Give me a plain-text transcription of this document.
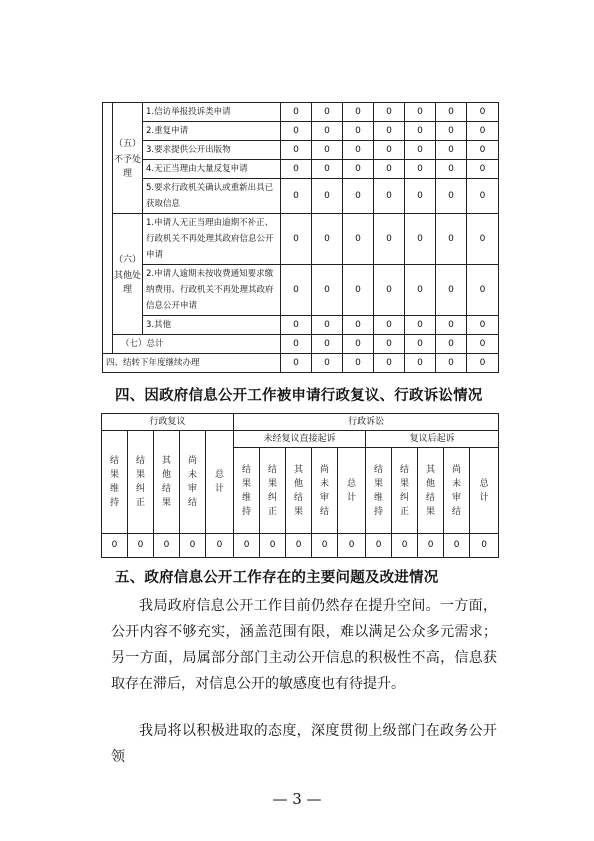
	（五）
不予处理	1.信访举报投诉类申请	0	0	0	0	0	0	0
		2.重复申请	0	0	0	0	0	0	0
		3.要求提供公开出版物	0	0	0	0	0	0	0
		4.无正当理由大量反复申请	0	0	0	0	0	0	0
		5.要求行政机关确认或重新出具已获取信息	0	0	0	0	0	0	0

	（六）
其他处理	1.申请人无正当理由逾期不补正、行政机关不再处理其政府信息公开申请	0	0	0	0	0	0	0
		2.申请人逾期未按收费通知要求缴纳费用、行政机关不再处理其政府信息公开申请	0	0	0	0	0	0	0
		3.其他	0	0	0	0	0	0	0
	（七）总计		0	0	0	0	0	0	0
四、结转下年度继续办理			0	0	0	0	0	0	0
四、因政府信息公开工作被申请行政复议、行政诉讼情况
行政复议					行政诉讼									
结果维持	结果纠正	其他结果	尚未审结	总计	未经复议直接起诉					复议后起诉				
					结果维持	结果纠正	其他结果	尚未审结	总计	结果维持	结果纠正	其他结果	尚未审结	总计
0	0	0	0	0	0	0	0	0	0	0	0	0	0	0
五、政府信息公开工作存在的主要问题及改进情况

我局政府信息公开工作目前仍然存在提升空间。一方面，公开内容不够充实，涵盖范围有限，难以满足公众多元需求；另一方面，局属部分部门主动公开信息的积极性不高，信息获取存在滞后，对信息公开的敏感度也有待提升。

我局将以积极进取的态度，深度贯彻上级部门在政务公开领

— 3 —
